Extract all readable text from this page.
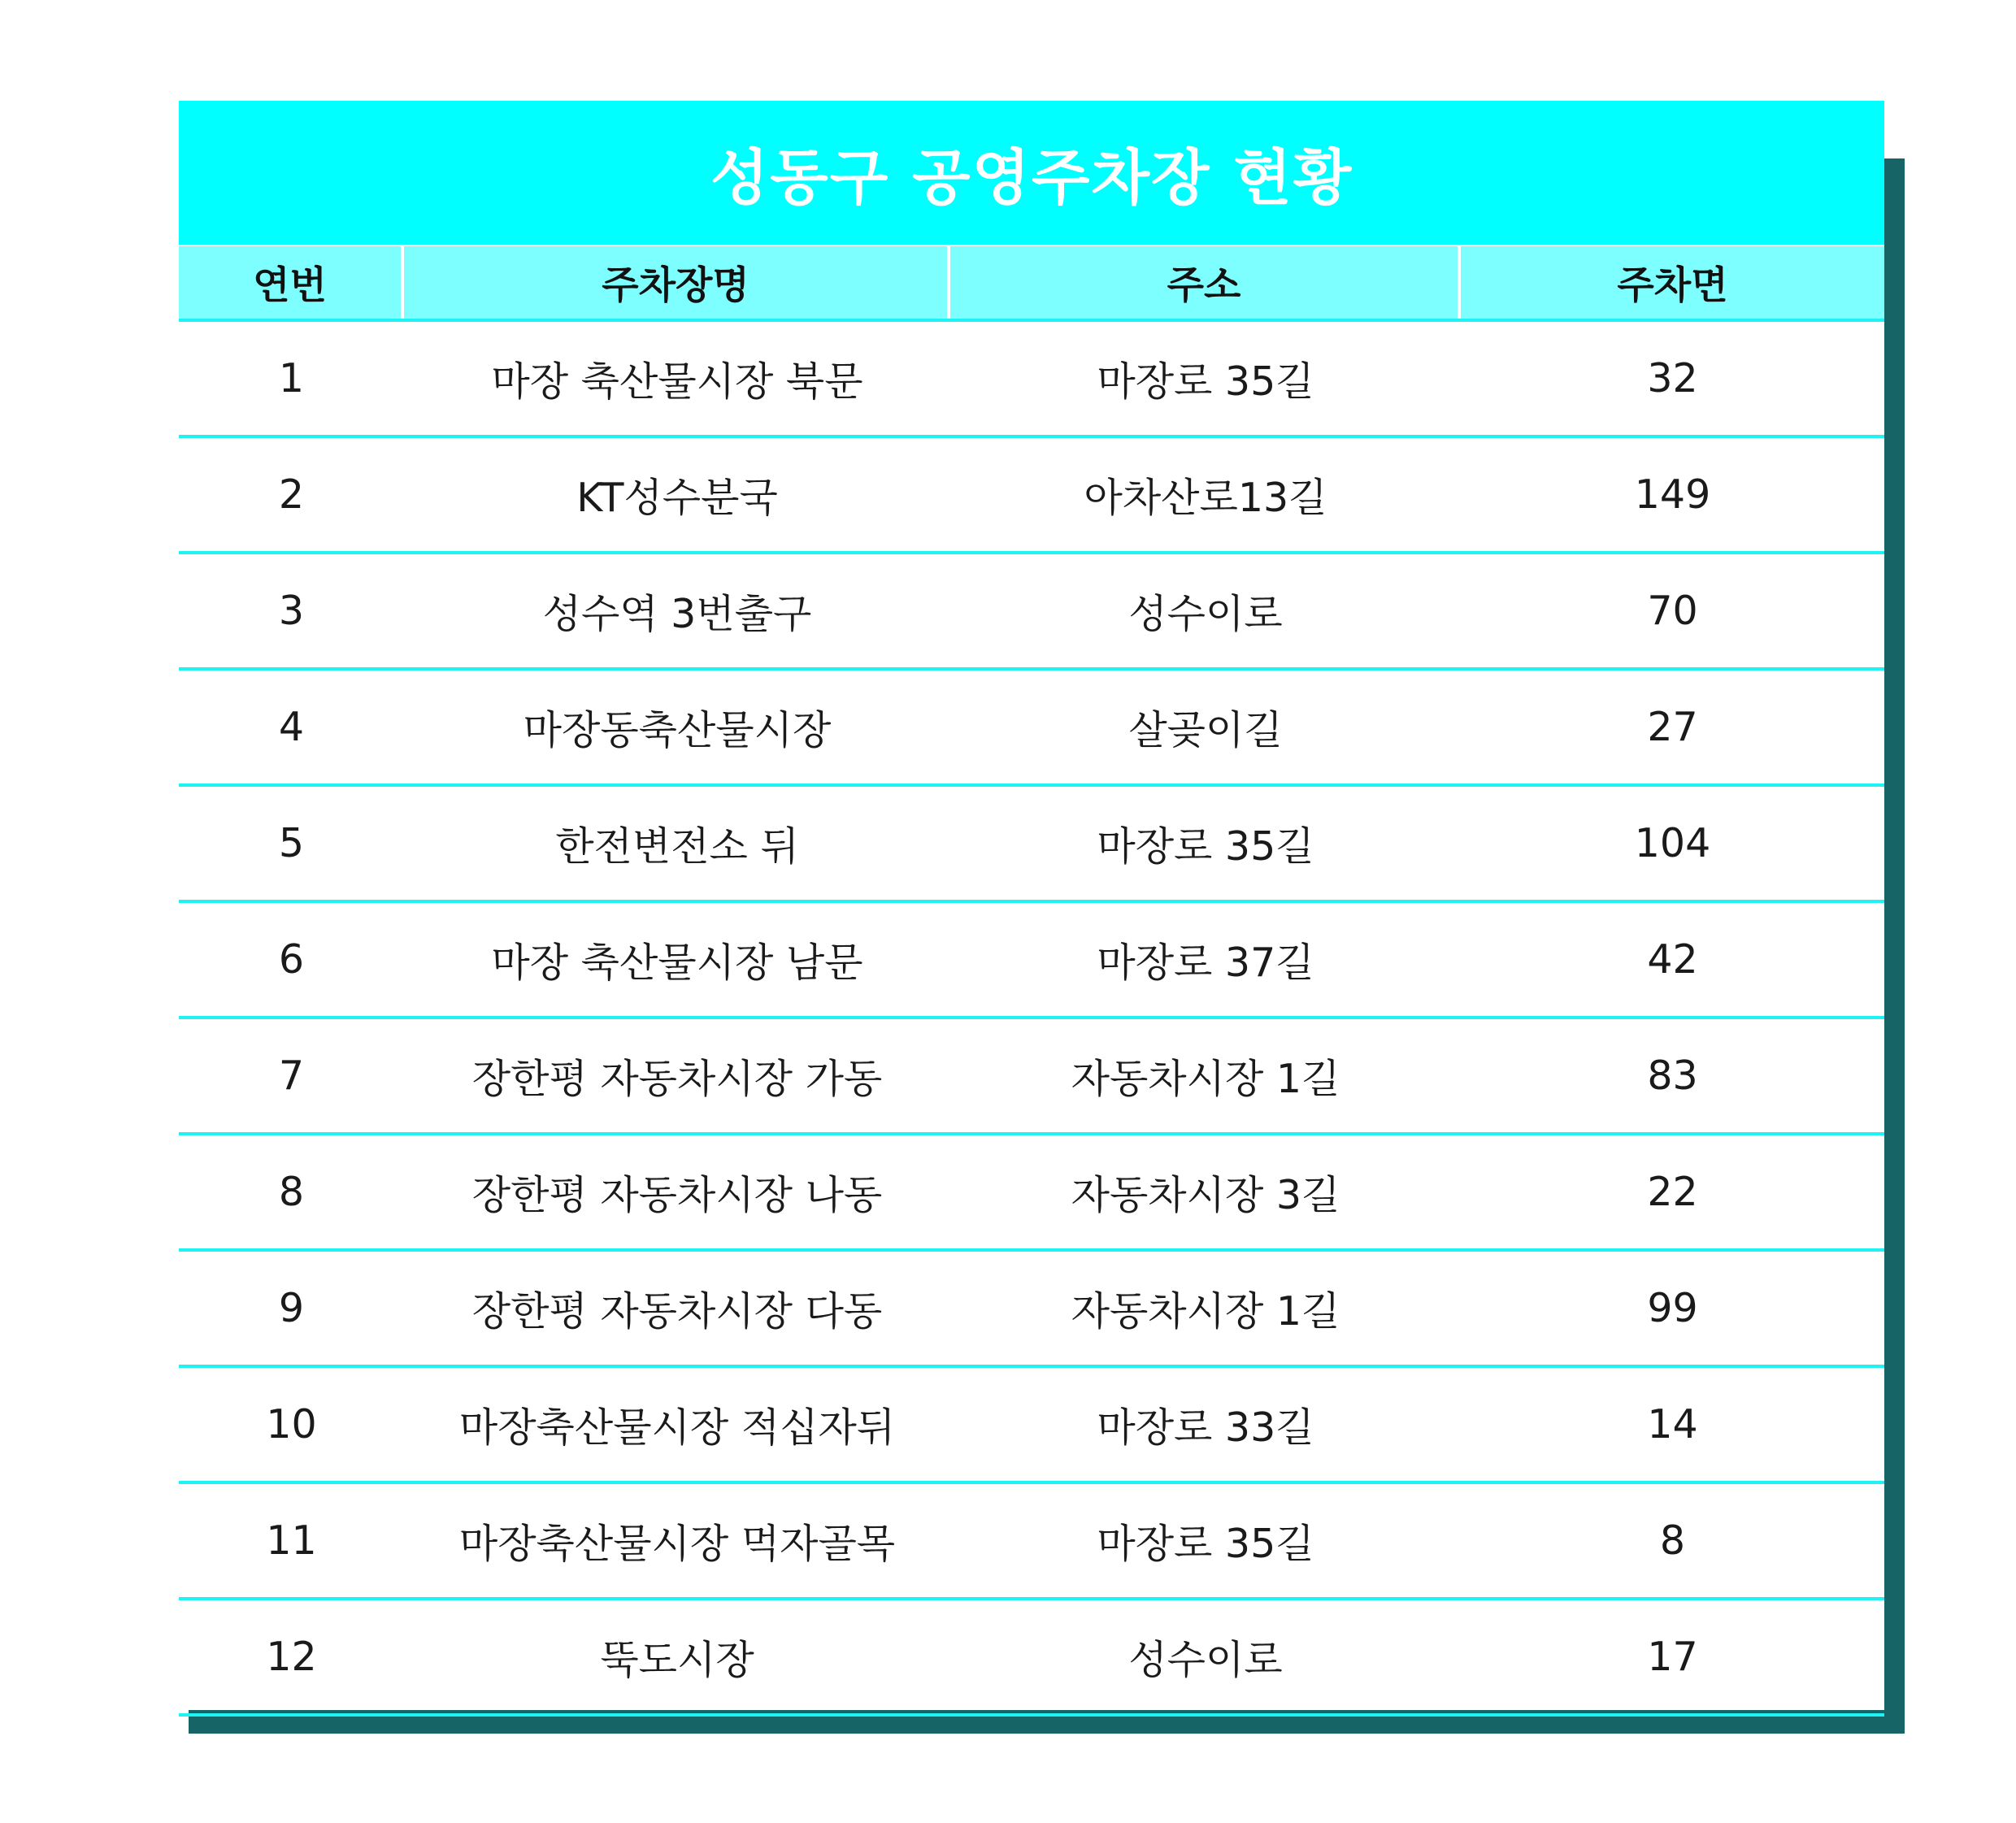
성동구 공영주차장 현황
연번	주차장명	주소	주차면
1	마장 축산물시장 북문	마장로 35길	32
2	KT성수분국	아차산로13길	149
3	성수역 3번출구	성수이로	70
4	마장동축산물시장	살곶이길	27
5	한전변전소 뒤	마장로 35길	104
6	마장 축산물시장 남문	마장로 37길	42
7	장한평 자동차시장 가동	자동차시장 1길	83
8	장한평 자동차시장 나동	자동차시장 3길	22
9	장한평 자동차시장 다동	자동차시장 1길	99
10	마장축산물시장 적십자뒤	마장로 33길	14
11	마장축산물시장 먹자골목	마장로 35길	8
12	뚝도시장	성수이로	17
